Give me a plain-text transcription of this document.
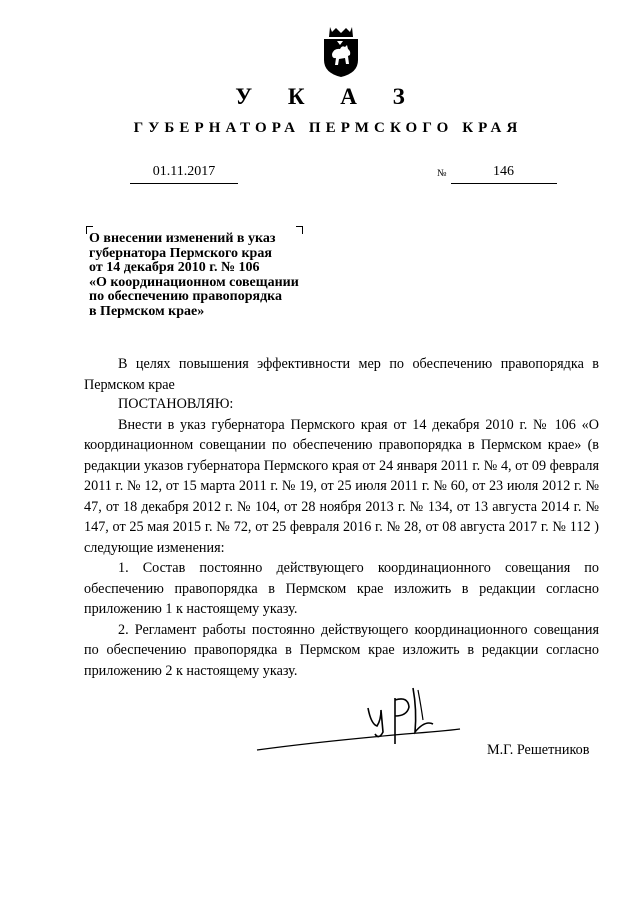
У К А З
ГУБЕРНАТОРА ПЕРМСКОГО КРАЯ
01.11.2017	№	146
О внесении изменений в указ
губернатора Пермского края
от 14 декабря 2010 г. № 106
«О координационном совещании
по обеспечению правопорядка
в Пермском крае»

В целях повышения эффективности мер по обеспечению правопорядка в Пермском крае

ПОСТАНОВЛЯЮ:

Внести в указ губернатора Пермского края от 14 декабря 2010 г. № 106 «О координационном совещании по обеспечению правопорядка в Пермском крае» (в редакции указов губернатора Пермского края от 24 января 2011 г. № 4, от 09 февраля 2011 г. № 12, от 15 марта 2011 г. № 19, от 25 июля 2011 г. № 60, от 23 июля 2012 г. № 47, от 18 декабря 2012 г. № 104, от 28 ноября 2013 г. № 134, от 13 августа 2014 г. № 147, от 25 мая 2015 г. № 72, от 25 февраля 2016 г. № 28, от 08 августа 2017 г. № 112 ) следующие изменения:

1. Состав постоянно действующего координационного совещания по обеспечению правопорядка в Пермском крае изложить в редакции согласно приложению 1 к настоящему указу.

2. Регламент работы постоянно действующего координационного совещания по обеспечению правопорядка в Пермском крае изложить в редакции согласно приложению 2 к настоящему указу.

М.Г. Решетников
